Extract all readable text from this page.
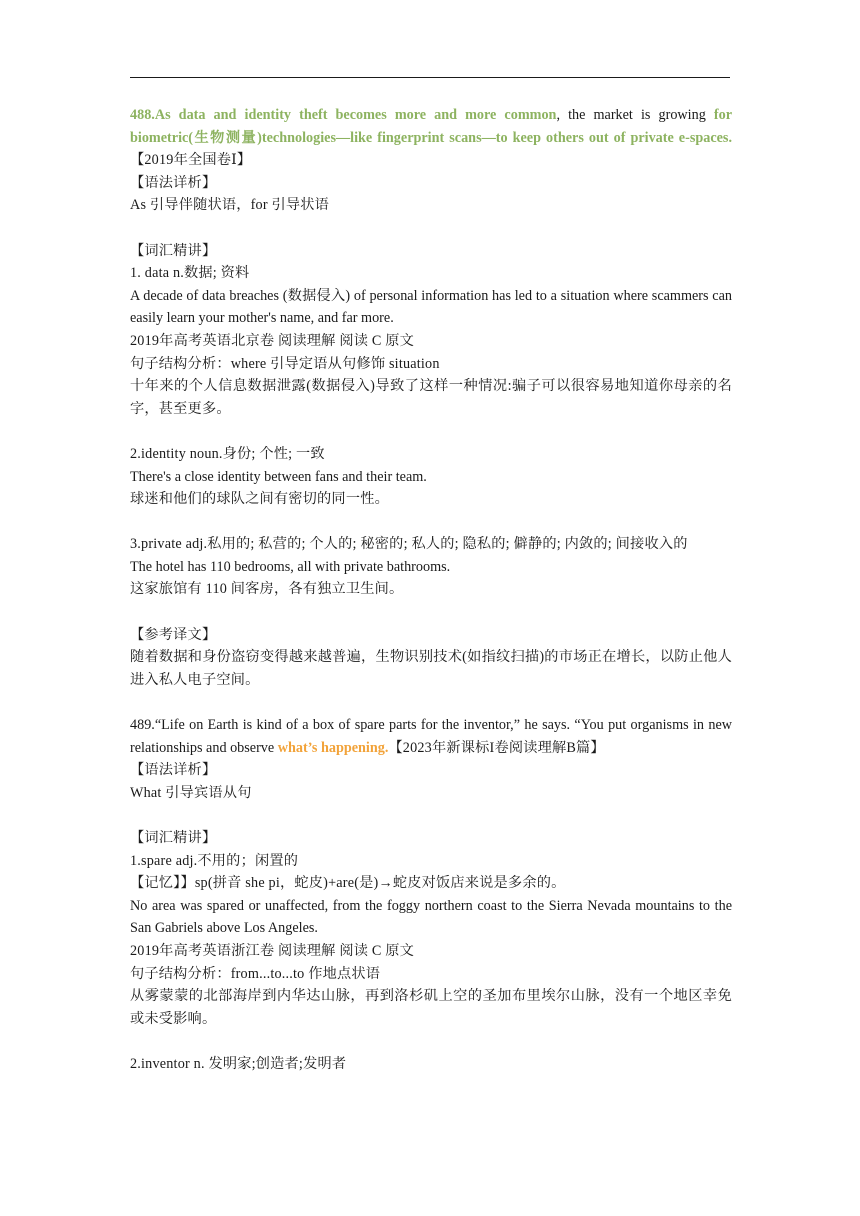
488.As data and identity theft becomes more and more common, the market is growing for biometric(生物测量)technologies—like fingerprint scans—to keep others out of private e-spaces.【2019年全国卷Ⅰ】

【语法详析】

As 引导伴随状语，for 引导状语

【词汇精讲】

1. data n.数据; 资料

A decade of data breaches (数据侵入) of personal information has led to a situation where scammers can easily learn your mother's name, and far more.

2019年高考英语北京卷 阅读理解 阅读 C 原文

句子结构分析：where 引导定语从句修饰 situation

十年来的个人信息数据泄露(数据侵入)导致了这样一种情况:骗子可以很容易地知道你母亲的名字，甚至更多。

2.identity noun.身份; 个性; 一致

There's a close identity between fans and their team.

球迷和他们的球队之间有密切的同一性。

3.private adj.私用的; 私营的; 个人的; 秘密的; 私人的; 隐私的; 僻静的; 内敛的; 间接收入的

The hotel has 110 bedrooms, all with private bathrooms.

这家旅馆有 110 间客房，各有独立卫生间。

【参考译文】

随着数据和身份盗窃变得越来越普遍，生物识别技术(如指纹扫描)的市场正在增长，以防止他人进入私人电子空间。

489.“Life on Earth is kind of a box of spare parts for the inventor,” he says. “You put organisms in new relationships and observe what’s happening.【2023年新课标I卷阅读理解B篇】

【语法详析】

What 引导宾语从句

【词汇精讲】

1.spare adj.不用的；闲置的

【记忆】】sp(拼音 she pi，蛇皮)+are(是)→蛇皮对饭店来说是多余的。

No area was spared or unaffected, from the foggy northern coast to the Sierra Nevada mountains to the San Gabriels above Los Angeles.

2019年高考英语浙江卷 阅读理解 阅读 C 原文

句子结构分析：from...to...to 作地点状语

从雾蒙蒙的北部海岸到内华达山脉，再到洛杉矶上空的圣加布里埃尔山脉，没有一个地区幸免或未受影响。

2.inventor n. 发明家;创造者;发明者
